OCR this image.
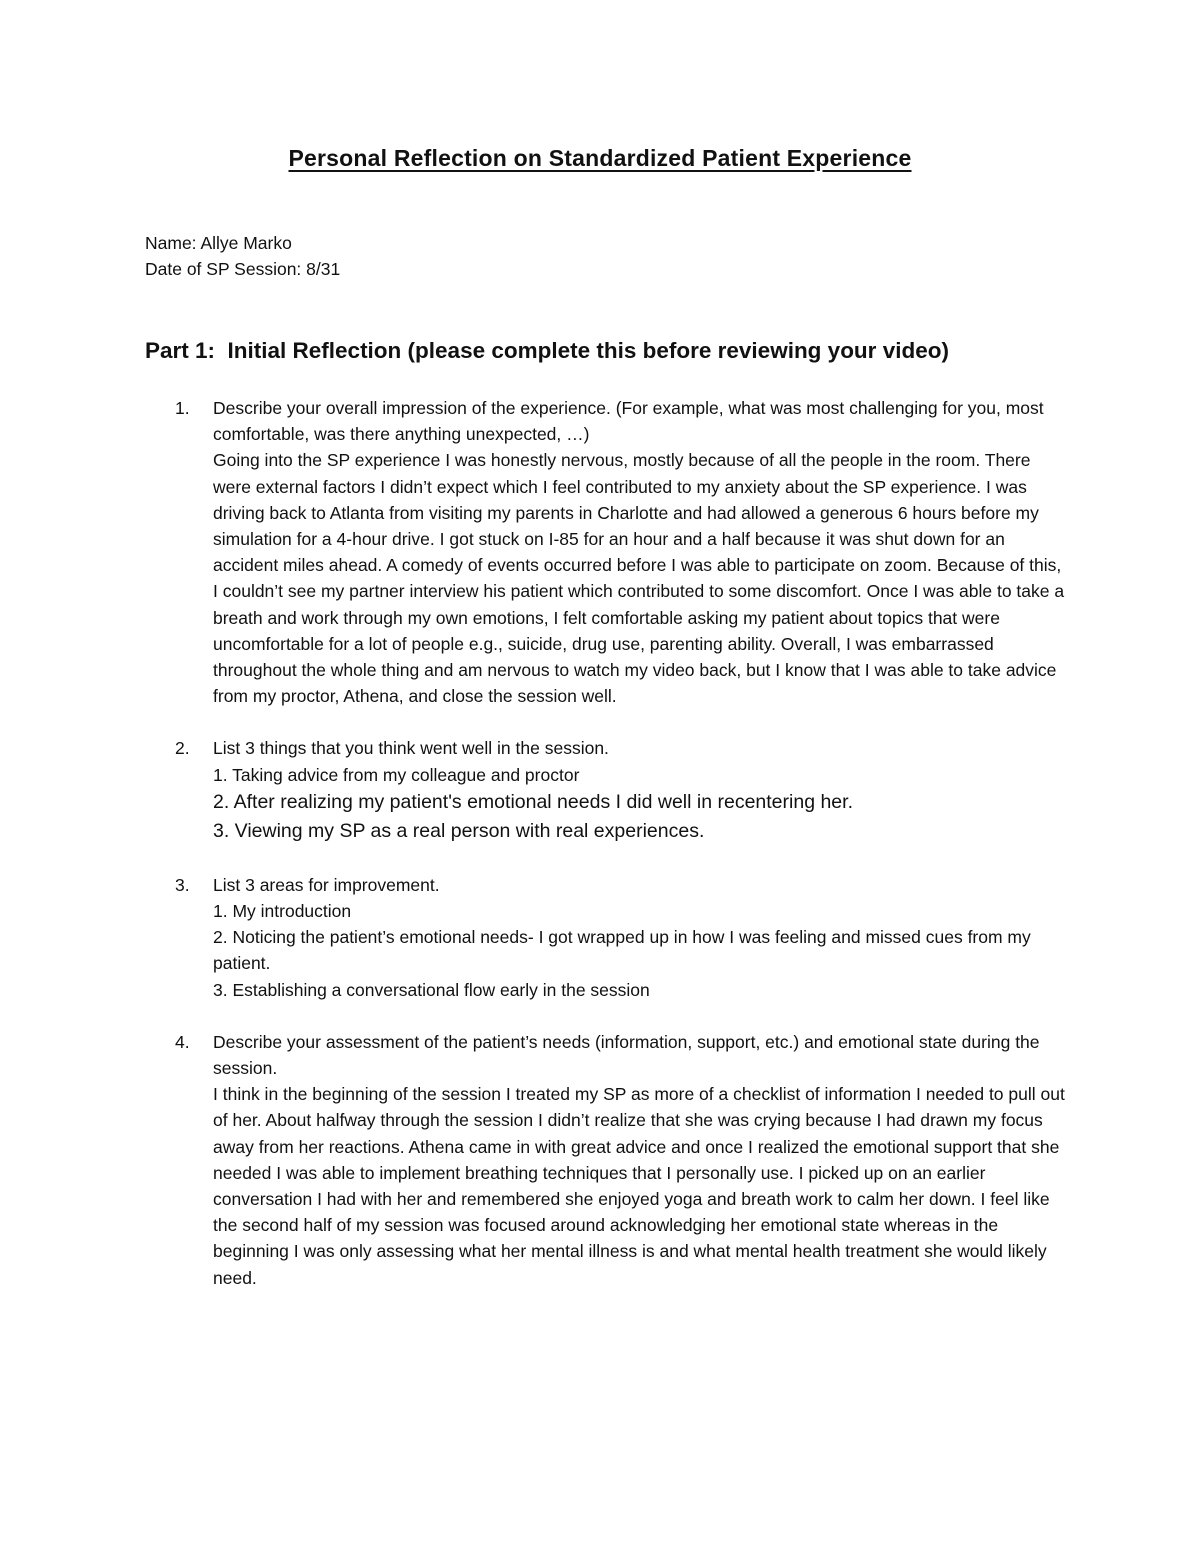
Personal Reflection on Standardized Patient Experience
Name: Allye Marko
Date of SP Session: 8/31
Part 1:  Initial Reflection (please complete this before reviewing your video)
1. Describe your overall impression of the experience. (For example, what was most challenging for you, most comfortable, was there anything unexpected, …)
Going into the SP experience I was honestly nervous, mostly because of all the people in the room. There were external factors I didn’t expect which I feel contributed to my anxiety about the SP experience. I was driving back to Atlanta from visiting my parents in Charlotte and had allowed a generous 6 hours before my simulation for a 4-hour drive. I got stuck on I-85 for an hour and a half because it was shut down for an accident miles ahead. A comedy of events occurred before I was able to participate on zoom. Because of this, I couldn’t see my partner interview his patient which contributed to some discomfort. Once I was able to take a breath and work through my own emotions, I felt comfortable asking my patient about topics that were uncomfortable for a lot of people e.g., suicide, drug use, parenting ability. Overall, I was embarrassed throughout the whole thing and am nervous to watch my video back, but I know that I was able to take advice from my proctor, Athena, and close the session well.
2. List 3 things that you think went well in the session.
1. Taking advice from my colleague and proctor
2. After realizing my patient's emotional needs I did well in recentering her.
3. Viewing my SP as a real person with real experiences.
3. List 3 areas for improvement.
1. My introduction
2. Noticing the patient’s emotional needs- I got wrapped up in how I was feeling and missed cues from my patient.
3. Establishing a conversational flow early in the session
4. Describe your assessment of the patient’s needs (information, support, etc.) and emotional state during the session.
I think in the beginning of the session I treated my SP as more of a checklist of information I needed to pull out of her. About halfway through the session I didn’t realize that she was crying because I had drawn my focus away from her reactions. Athena came in with great advice and once I realized the emotional support that she needed I was able to implement breathing techniques that I personally use. I picked up on an earlier conversation I had with her and remembered she enjoyed yoga and breath work to calm her down. I feel like the second half of my session was focused around acknowledging her emotional state whereas in the beginning I was only assessing what her mental illness is and what mental health treatment she would likely need.
